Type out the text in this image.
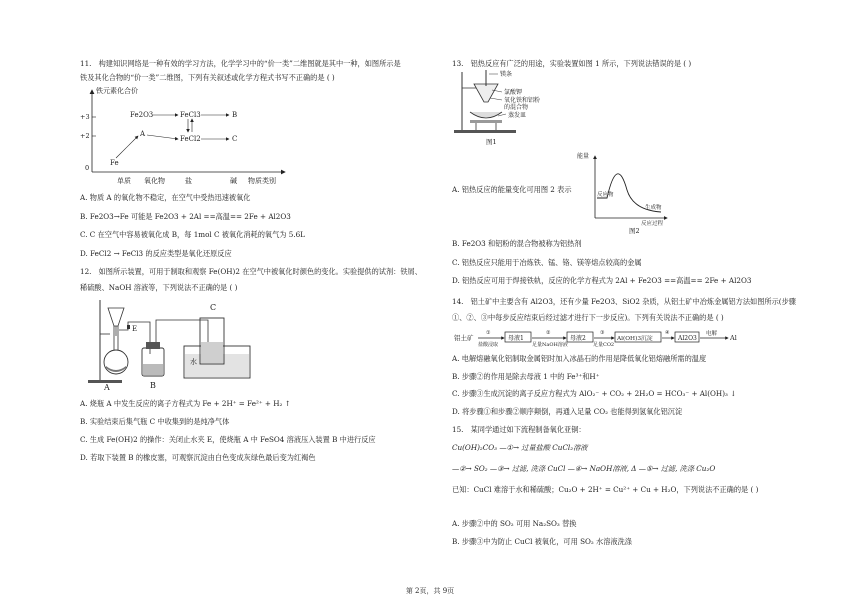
11.　构建知识网络是一种有效的学习方法，化学学习中的“价一类”二维图就是其中一种，如图所示是
铁及其化合物的“价一类”二维图，下列有关叙述或化学方程式书写不正确的是 ( )
铁元素化合价
+3
+2
0
单质 氧化物	盐	碱 物质类别
Fe2O3	FeCl3	B
A
FeCl2	C
Fe
A. 物质 A 的氧化物不稳定，在空气中受热迅速被氧化
B. Fe2O3→Fe 可能是 Fe2O3 + 2Al ==高温== 2Fe + Al2O3
C. C 在空气中容易被氧化成 B，每 1mol C 被氧化消耗的氧气为 5.6L
D. FeCl2 → FeCl3 的反应类型是氧化还原反应
12.　如图所示装置，可用于制取和观察 Fe(OH)2 在空气中被氧化时颜色的变化。实验提供的试剂：铁屑、
稀硫酸、NaOH 溶液等，下列说法不正确的是 ( )
E
水
C
A	B
A. 烧瓶 A 中发生反应的离子方程式为 Fe + 2H⁺ = Fe²⁺ + H₂ ↑
B. 实验结束后集气瓶 C 中收集到的是纯净气体
C. 生成 Fe(OH)2 的操作：关闭止水夹 E，使烧瓶 A 中 FeSO4 溶液压入装置 B 中进行反应
D. 若取下装置 B 的橡皮塞，可观察沉淀由白色变成灰绿色最后变为红褐色
13.　铝热反应有广泛的用途，实验装置如图 1 所示，下列说法错误的是 ( )
镁条
氯酸钾
氧化铁和铝粉
的混合物
蒸发皿
图1
能量
反应物
生成物
反应过程
图2
A. 铝热反应的能量变化可用图 2 表示
B. Fe2O3 和铝粉的混合物被称为铝热剂
C. 铝热反应只能用于冶炼铁、锰、铬、镁等熔点较高的金属
D. 铝热反应可用于焊接铁轨，反应的化学方程式为 2Al + Fe2O3 ==高温== 2Fe + Al2O3
14.　铝土矿中主要含有 Al2O3，还有少量 Fe2O3、SiO2 杂质，从铝土矿中冶炼金属铝方法如图所示(步骤
①、②、③中每步反应结束后经过滤才进行下一步反应)。下列有关说法不正确的是 ( )
铝土矿
①
盐酸浸取
母液1
②
足量NaOH溶液
母液2
③
足量CO2
Al(OH)3沉淀
④
Al2O3
电解 Al
A. 电解熔融氧化铝制取金属铝时加入冰晶石的作用是降低氧化铝熔融所需的温度
B. 步骤②的作用是除去母液 1 中的 Fe³⁺和H⁺
C. 步骤③生成沉淀的离子反应方程式为 AlO₂⁻ + CO₂ + 2H₂O = HCO₃⁻ + Al(OH)₃ ↓
D. 将步骤①和步骤②顺序颠倒，再通入足量 CO₂ 也能得到氢氧化铝沉淀
15.　某同学通过如下流程制备氧化亚铜：
Cu(OH)₂CO₃ —①→ 过量盐酸 CuCl₂溶液
—②→ SO₂ —③→ 过滤, 洗涤 CuCl —④→ NaOH溶液, Δ —⑤→ 过滤, 洗涤 Cu₂O
已知：CuCl 难溶于水和稀硫酸；Cu₂O + 2H⁺ = Cu²⁺ + Cu + H₂O，下列说法不正确的是 ( )
A. 步骤②中的 SO₂ 可用 Na₂SO₃ 替换
B. 步骤③中为防止 CuCl 被氧化，可用 SO₂ 水溶液洗涤
第 2页，共 9页
